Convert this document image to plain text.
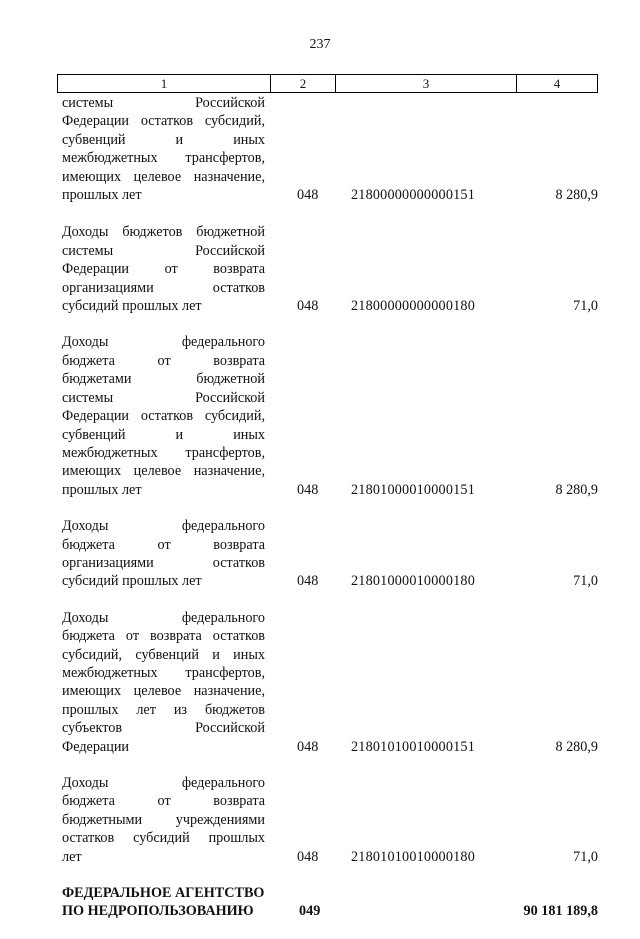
237
1	2	3	4
системы Российской
Федерации остатков субсидий,
субвенций и иных
межбюджетных трансфертов,
имеющих целевое назначение,
прошлых лет	048 21800000000000151	8 280,9
Доходы бюджетов бюджетной
системы Российской
Федерации от возврата
организациями остатков
субсидий прошлых лет	048 21800000000000180	71,0
Доходы федерального
бюджета от возврата
бюджетами бюджетной
системы Российской
Федерации остатков субсидий,
субвенций и иных
межбюджетных трансфертов,
имеющих целевое назначение,
прошлых лет	048 21801000010000151	8 280,9
Доходы федерального
бюджета от возврата
организациями остатков
субсидий прошлых лет	048 21801000010000180	71,0
Доходы федерального
бюджета от возврата остатков
субсидий, субвенций и иных
межбюджетных трансфертов,
имеющих целевое назначение,
прошлых лет из бюджетов
субъектов Российской
Федерации	048 21801010010000151	8 280,9
Доходы федерального
бюджета от возврата
бюджетными учреждениями
остатков субсидий прошлых
лет	048 21801010010000180	71,0
ФЕДЕРАЛЬНОЕ АГЕНТСТВО
ПО НЕДРОПОЛЬЗОВАНИЮ	049	90 181 189,8
